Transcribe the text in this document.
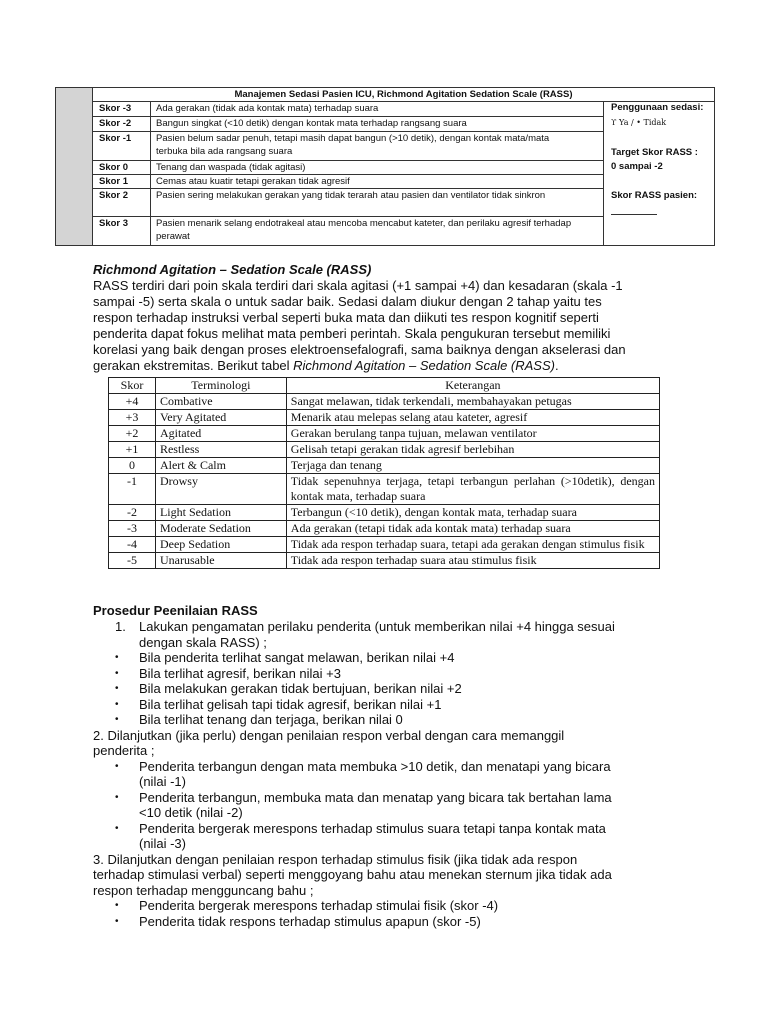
Manajemen Sedasi Pasien ICU, Richmond Agitation Sedation Scale (RASS)
Skor -3	Ada gerakan (tidak ada kontak mata) terhadap suara
Skor -2	Bangun singkat (<10 detik) dengan kontak mata terhadap rangsang suara
Skor -1	Pasien belum sadar penuh, tetapi masih dapat bangun (>10 detik), dengan kontak mata/mata terbuka bila ada rangsang suara
Skor 0	Tenang dan waspada (tidak agitasi)
Skor 1	Cemas atau kuatir tetapi gerakan tidak agresif
Skor 2	Pasien sering melakukan gerakan yang tidak terarah atau pasien dan ventilator tidak sinkron
Skor 3	Pasien menarik selang endotrakeal atau mencoba mencabut kateter, dan perilaku agresif terhadap perawat
Penggunaan sedasi:
ϒ Ya / • Tidak
Target Skor RASS :
0 sampai -2
Skor RASS pasien:
Richmond Agitation – Sedation Scale (RASS)
RASS terdiri dari poin skala terdiri dari skala agitasi (+1 sampai +4) dan kesadaran (skala -1
sampai -5) serta skala o untuk sadar baik. Sedasi dalam diukur dengan 2 tahap yaitu tes
respon terhadap instruksi verbal seperti buka mata dan diikuti tes respon kognitif seperti
penderita dapat fokus melihat mata pemberi perintah. Skala pengukuran tersebut memiliki
korelasi yang baik dengan proses elektroensefalografi, sama baiknya dengan akselerasi dan
gerakan ekstremitas. Berikut tabel Richmond Agitation – Sedation Scale (RASS).
Skor	Terminologi	Keterangan
+4	Combative	Sangat melawan, tidak terkendali, membahayakan petugas
+3	Very Agitated	Menarik atau melepas selang atau kateter, agresif
+2	Agitated	Gerakan berulang tanpa tujuan, melawan ventilator
+1	Restless	Gelisah tetapi gerakan tidak agresif berlebihan
0	Alert & Calm	Terjaga dan tenang
-1	Drowsy	Tidak sepenuhnya terjaga, tetapi terbangun perlahan (>10detik), dengan kontak mata, terhadap suara
-2	Light Sedation	Terbangun (<10 detik), dengan kontak mata, terhadap suara
-3	Moderate Sedation	Ada gerakan (tetapi tidak ada kontak mata) terhadap suara
-4	Deep Sedation	Tidak ada respon terhadap suara, tetapi ada gerakan dengan stimulus fisik
-5	Unarusable	Tidak ada respon terhadap suara atau stimulus fisik
Prosedur Peenilaian RASS
1. Lakukan pengamatan perilaku penderita (untuk memberikan nilai +4 hingga sesuai
dengan skala RASS) ;
• Bila penderita terlihat sangat melawan, berikan nilai +4
• Bila terlihat agresif, berikan nilai +3
• Bila melakukan gerakan tidak bertujuan, berikan nilai +2
• Bila terlihat gelisah tapi tidak agresif, berikan nilai +1
• Bila terlihat tenang dan terjaga, berikan nilai 0
2. Dilanjutkan (jika perlu) dengan penilaian respon verbal dengan cara memanggil
penderita ;
• Penderita terbangun dengan mata membuka >10 detik, dan menatapi yang bicara
(nilai -1)
• Penderita terbangun, membuka mata dan menatap yang bicara tak bertahan lama
<10 detik (nilai -2)
• Penderita bergerak merespons terhadap stimulus suara tetapi tanpa kontak mata
(nilai -3)
3. Dilanjutkan dengan penilaian respon terhadap stimulus fisik (jika tidak ada respon
terhadap stimulasi verbal) seperti menggoyang bahu atau menekan sternum jika tidak ada
respon terhadap mengguncang bahu ;
• Penderita bergerak merespons terhadap stimulai fisik (skor -4)
• Penderita tidak respons terhadap stimulus apapun (skor -5)
